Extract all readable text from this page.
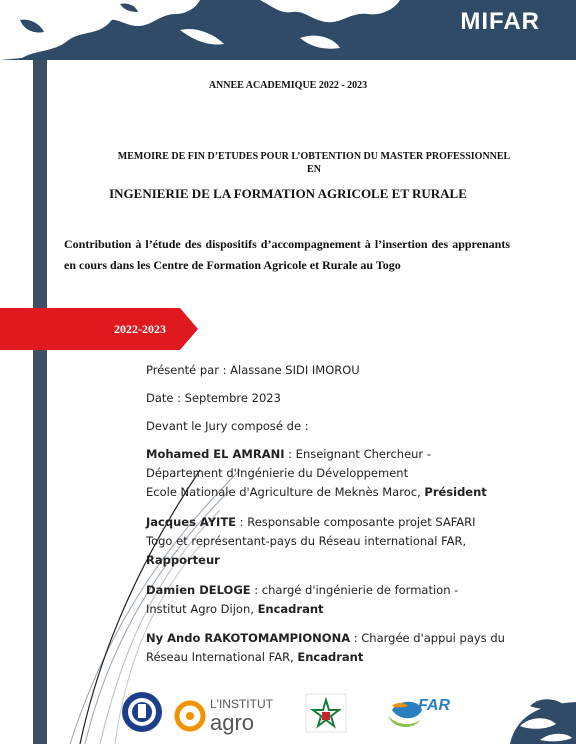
MIFAR
ANNEE ACADEMIQUE 2022 - 2023
MEMOIRE DE FIN D’ETUDES POUR L’OBTENTION DU MASTER PROFESSIONNEL
EN
INGENIERIE DE LA FORMATION AGRICOLE ET RURALE
Contribution à l’étude des dispositifs d’accompagnement à l’insertion des apprenants en cours dans les Centre de Formation Agricole et Rurale au Togo
2022-2023
Présenté par : Alassane SIDI IMOROU
Date : Septembre 2023
Devant le Jury composé de :
Mohamed EL AMRANI : Enseignant Chercheur -
Département d'Ingénierie du Développement
Ecole Nationale d'Agriculture de Meknès Maroc, Président
Jacques AYITE : Responsable composante projet SAFARI
Togo et représentant-pays du Réseau international FAR,
Rapporteur
Damien DELOGE : chargé d'ingénierie de formation -
Institut Agro Dijon, Encadrant
Ny Ando RAKOTOMAMPIONONA : Chargée d'appui pays du
Réseau International FAR, Encadrant
L'INSTITUT
agro
FAR
